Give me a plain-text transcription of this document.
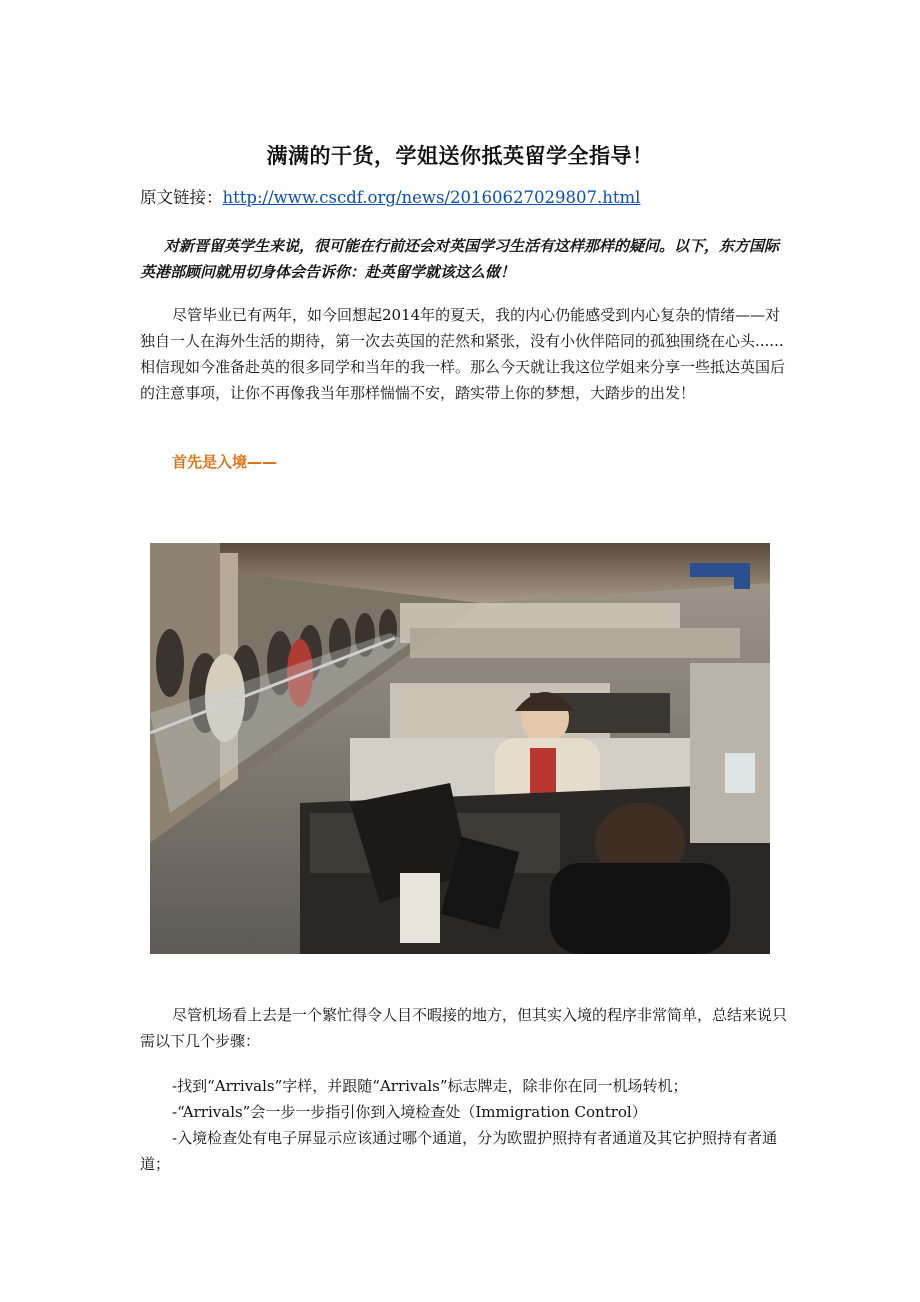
满满的干货，学姐送你抵英留学全指导！
原文链接：http://www.cscdf.org/news/20160627029807.html
对新晋留英学生来说，很可能在行前还会对英国学习生活有这样那样的疑问。以下，东方国际英港部顾问就用切身体会告诉你：赴英留学就该这么做！
尽管毕业已有两年，如今回想起2014年的夏天，我的内心仍能感受到内心复杂的情绪——对独自一人在海外生活的期待，第一次去英国的茫然和紧张，没有小伙伴陪同的孤独围绕在心头......相信现如今准备赴英的很多同学和当年的我一样。那么今天就让我这位学姐来分享一些抵达英国后的注意事项，让你不再像我当年那样惴惴不安，踏实带上你的梦想，大踏步的出发！
首先是入境——
尽管机场看上去是一个繁忙得令人目不暇接的地方，但其实入境的程序非常简单，总结来说只需以下几个步骤：

-找到“Arrivals”字样，并跟随“Arrivals”标志牌走，除非你在同一机场转机；

-“Arrivals”会一步一步指引你到入境检查处（Immigration Control）

-入境检查处有电子屏显示应该通过哪个通道，分为欧盟护照持有者通道及其它护照持有者通道；
